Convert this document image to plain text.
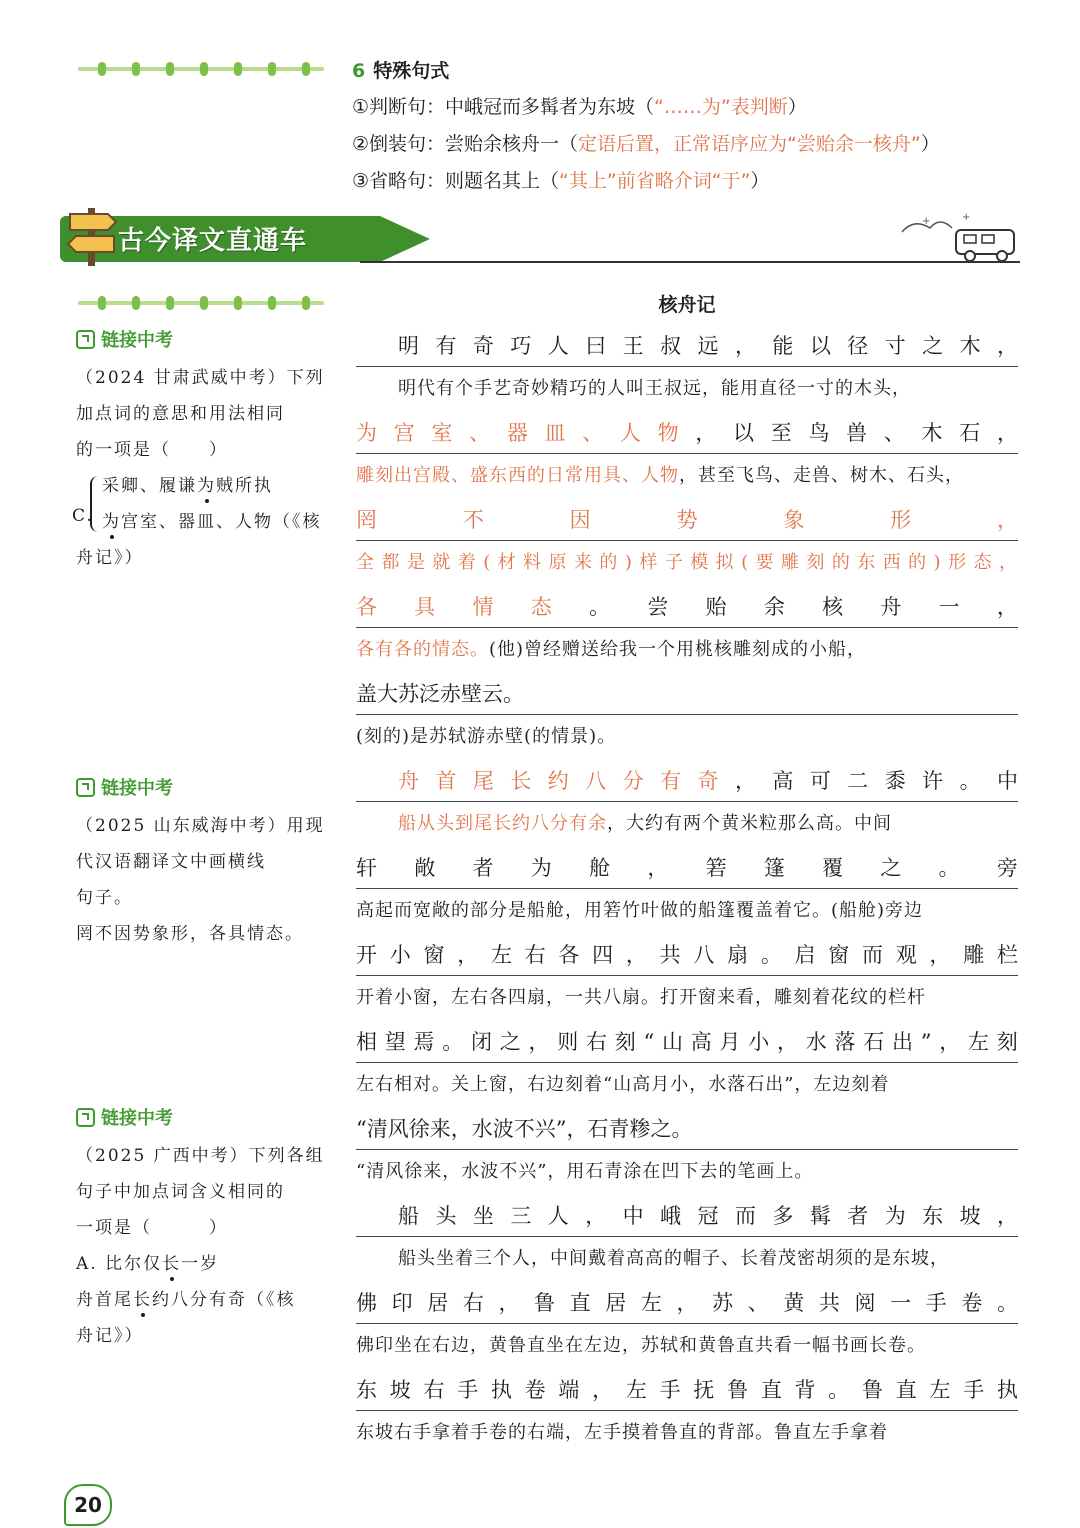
6 特殊句式
①判断句：中峨冠而多髯者为东坡（“……为”表判断）
②倒装句：尝贻余核舟一（定语后置，正常语序应为“尝贻余一核舟”）
③省略句：则题名其上（“其上”前省略介词“于”）
古今译文直通车
+	+
链接中考
（2024 甘肃武威中考）下列
加点词的意思和用法相同
的一项是（　　）
C.
采卿、履谦为贼所执
为宫室、器皿、人物（《核
舟记》）
链接中考
（2025 山东威海中考）用现
代汉语翻译文中画横线
句子。
罔不因势象形，各具情态。
链接中考
（2025 广西中考）下列各组
句子中加点词含义相同的
一项是（　　　）
A. 比尔仅长一岁
舟首尾长约八分有奇（《核
舟记》）
核舟记
明 有 奇 巧 人 曰 王 叔 远 ， 能 以 径 寸 之 木 ，
明代有个手艺奇妙精巧的人叫王叔远，能用直径一寸的木头，
为 宫 室 、 器 皿 、 人 物 ， 以 至 鸟 兽 、 木 石 ，
雕刻出宫殿、盛东西的日常用具、人物，甚至飞鸟、走兽、树木、石头，
罔	不	因	势	象	形	，
全 都 是 就 着 ( 材 料 原 来 的 ) 样 子 模 拟 ( 要 雕 刻 的 东 西 的 ) 形 态 ，
各 具 情 态 。 尝 贻 余 核 舟 一 ，
各有各的情态。(他)曾经赠送给我一个用桃核雕刻成的小船，
盖 大 苏 泛 赤 壁 云 。
(刻的)是苏轼游赤壁(的情景)。
舟 首 尾 长 约 八 分 有 奇 ， 高 可 二 黍 许 。 中
船从头到尾长约八分有余，大约有两个黄米粒那么高。中间
轩 敞 者 为 舱 ， 箬 篷 覆 之 。 旁
高起而宽敞的部分是船舱，用箬竹叶做的船篷覆盖着它。(船舱)旁边
开 小 窗 ， 左 右 各 四 ， 共 八 扇 。 启 窗 而 观 ， 雕 栏
开着小窗，左右各四扇，一共八扇。打开窗来看，雕刻着花纹的栏杆
相 望 焉 。 闭 之 ， 则 右 刻 “ 山 高 月 小 ， 水 落 石 出 ” ， 左 刻
左右相对。关上窗，右边刻着“山高月小，水落石出”，左边刻着
“ 清 风 徐 来 ， 水 波 不 兴 ” ， 石 青 糁 之 。
“清风徐来，水波不兴”，用石青涂在凹下去的笔画上。
船 头 坐 三 人 ， 中 峨 冠 而 多 髯 者 为 东 坡 ，
船头坐着三个人，中间戴着高高的帽子、长着茂密胡须的是东坡，
佛 印 居 右 ， 鲁 直 居 左 ， 苏 、 黄 共 阅 一 手 卷 。
佛印坐在右边，黄鲁直坐在左边，苏轼和黄鲁直共看一幅书画长卷。
东 坡 右 手 执 卷 端 ， 左 手 抚 鲁 直 背 。 鲁 直 左 手 执
东坡右手拿着手卷的右端，左手摸着鲁直的背部。鲁直左手拿着
20
